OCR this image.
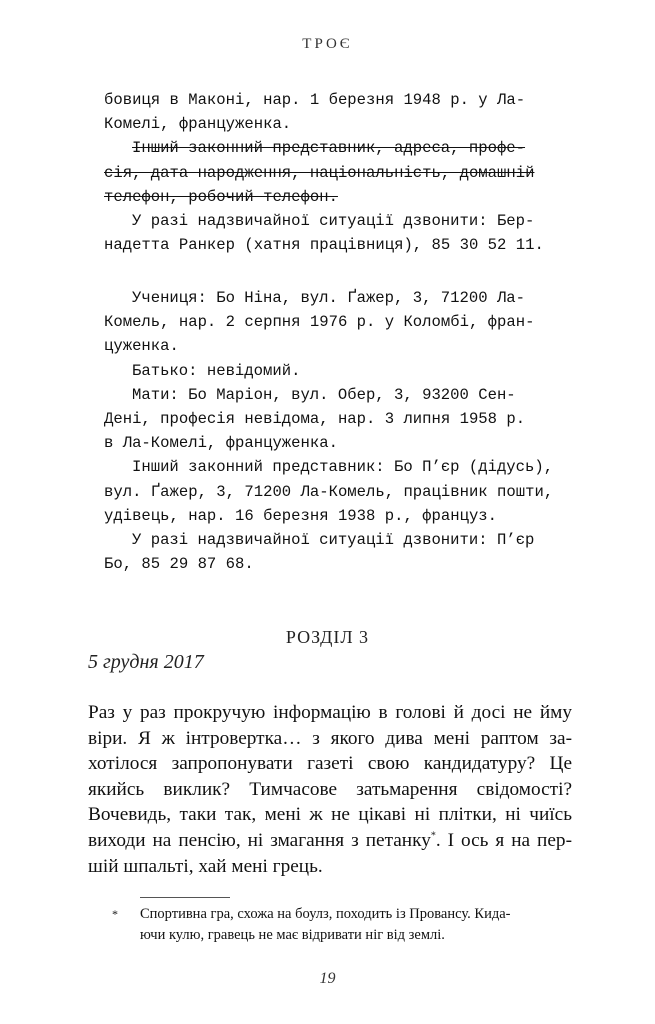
ТРОЄ

бовиця в Маконі, нар. 1 березня 1948 р. у Ла-
Комелі, француженка.

Інший законний представник, адреса, профе-
сія, дата народження, національність, домашній
телефон, робочий телефон.

У разі надзвичайної ситуації дзвонити: Бер-
надетта Ранкер (хатня працівниця), 85 30 52 11.

Учениця: Бо Ніна, вул. Ґажер, 3, 71200 Ла-
Комель, нар. 2 серпня 1976 р. у Коломбі, фран-
цуженка.

Батько: невідомий.

Мати: Бо Маріон, вул. Обер, 3, 93200 Сен-
Дені, професія невідома, нар. 3 липня 1958 р.
в Ла-Комелі, француженка.

Інший законний представник: Бо П’єр (дідусь),
вул. Ґажер, 3, 71200 Ла-Комель, працівник пошти,
удівець, нар. 16 березня 1938 р., француз.

У разі надзвичайної ситуації дзвонити: П’єр
Бо, 85 29 87 68.

РОЗДІЛ 3
5 грудня 2017
Раз у раз прокручую інформацію в голові й досі не йму
віри. Я ж інтровертка… з якого дива мені раптом за-
хотілося запропонувати газеті свою кандидатуру? Це
якийсь виклик? Тимчасове затьмарення свідомості?
Вочевидь, таки так, мені ж не цікаві ні плітки, ні чиїсь
виходи на пенсію, ні змагання з петанку*. І ось я на пер-
шій шпальті, хай мені грець.
*	Спортивна гра, схожа на боулз, походить із Провансу. Кида-
ючи кулю, гравець не має відривати ніг від землі.
19
